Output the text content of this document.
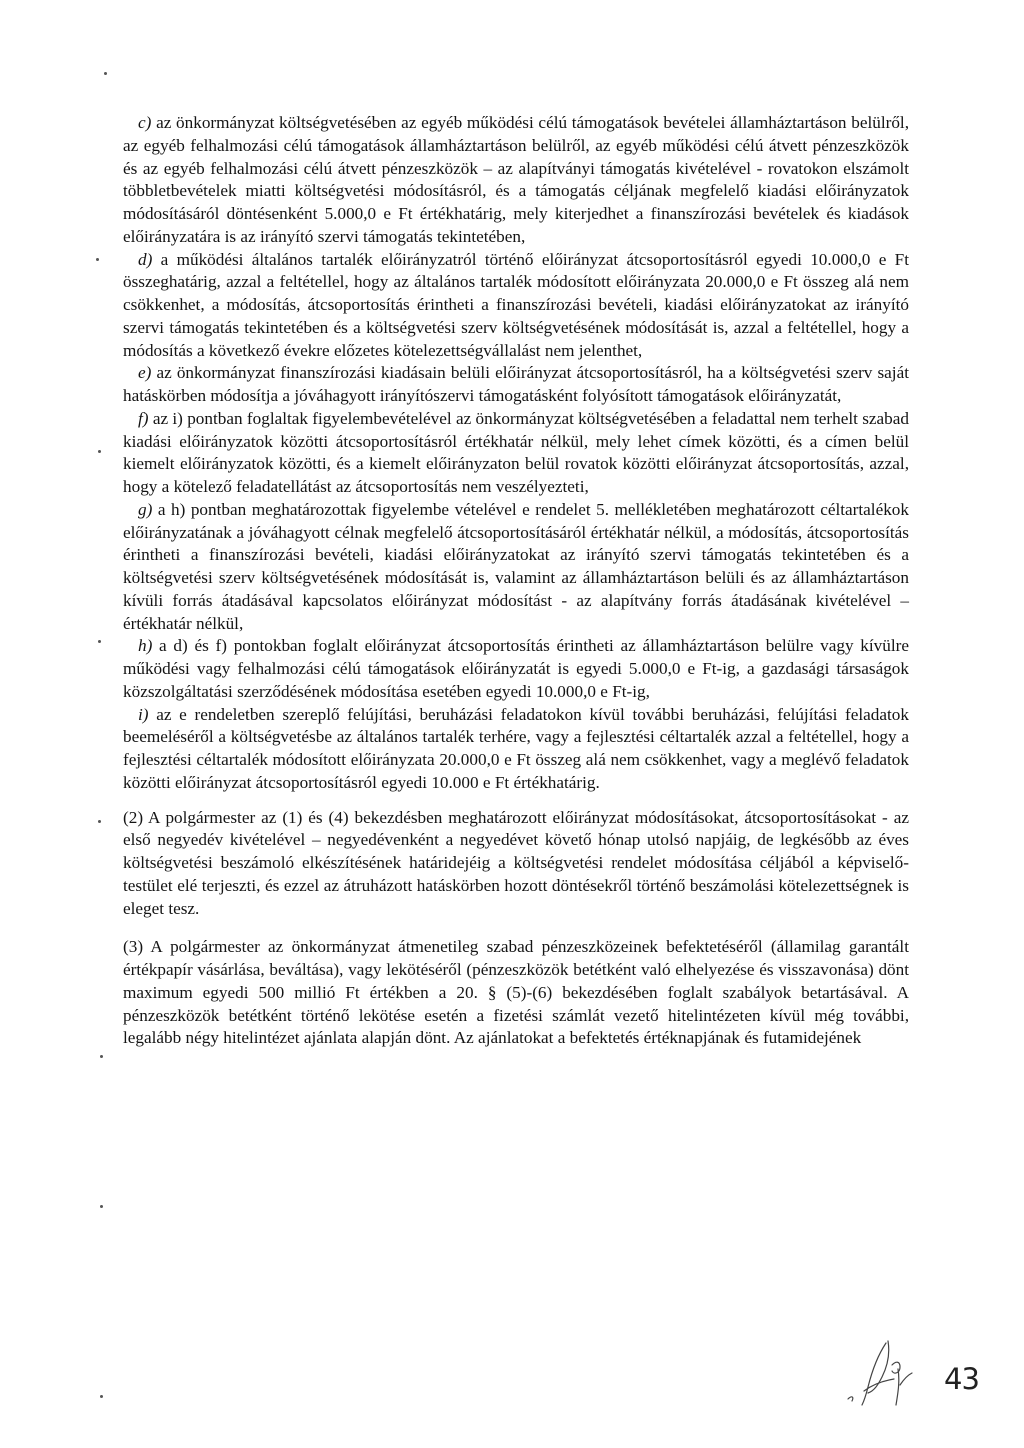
c) az önkormányzat költségvetésében az egyéb működési célú támogatások bevételei államháztartáson belülről, az egyéb felhalmozási célú támogatások államháztartáson belülről, az egyéb működési célú átvett pénzeszközök és az egyéb felhalmozási célú átvett pénzeszközök – az alapítványi támogatás kivételével - rovatokon elszámolt többletbevételek miatti költségvetési módosításról, és a támogatás céljának megfelelő kiadási előirányzatok módosításáról döntésenként 5.000,0 e Ft értékhatárig, mely kiterjedhet a finanszírozási bevételek és kiadások előirányzatára is az irányító szervi támogatás tekintetében,

d) a működési általános tartalék előirányzatról történő előirányzat átcsoportosításról egyedi 10.000,0 e Ft összeghatárig, azzal a feltétellel, hogy az általános tartalék módosított előirányzata 20.000,0 e Ft összeg alá nem csökkenhet, a módosítás, átcsoportosítás érintheti a finanszírozási bevételi, kiadási előirányzatokat az irányító szervi támogatás tekintetében és a költségvetési szerv költségvetésének módosítását is, azzal a feltétellel, hogy a módosítás a következő évekre előzetes kötelezettségvállalást nem jelenthet,

e) az önkormányzat finanszírozási kiadásain belüli előirányzat átcsoportosításról, ha a költségvetési szerv saját hatáskörben módosítja a jóváhagyott irányítószervi támogatásként folyósított támogatások előirányzatát,

f) az i) pontban foglaltak figyelembevételével az önkormányzat költségvetésében a feladattal nem terhelt szabad kiadási előirányzatok közötti átcsoportosításról értékhatár nélkül, mely lehet címek közötti, és a címen belül kiemelt előirányzatok közötti, és a kiemelt előirányzaton belül rovatok közötti előirányzat átcsoportosítás, azzal, hogy a kötelező feladatellátást az átcsoportosítás nem veszélyezteti,

g) a h) pontban meghatározottak figyelembe vételével e rendelet 5. mellékletében meghatározott céltartalékok előirányzatának a jóváhagyott célnak megfelelő átcsoportosításáról értékhatár nélkül, a módosítás, átcsoportosítás érintheti a finanszírozási bevételi, kiadási előirányzatokat az irányító szervi támogatás tekintetében és a költségvetési szerv költségvetésének módosítását is, valamint az államháztartáson belüli és az államháztartáson kívüli forrás átadásával kapcsolatos előirányzat módosítást - az alapítvány forrás átadásának kivételével – értékhatár nélkül,

h) a d) és f) pontokban foglalt előirányzat átcsoportosítás érintheti az államháztartáson belülre vagy kívülre működési vagy felhalmozási célú támogatások előirányzatát is egyedi 5.000,0 e Ft-ig, a gazdasági társaságok közszolgáltatási szerződésének módosítása esetében egyedi 10.000,0 e Ft-ig,

i) az e rendeletben szereplő felújítási, beruházási feladatokon kívül további beruházási, felújítási feladatok beemeléséről a költségvetésbe az általános tartalék terhére, vagy a fejlesztési céltartalék azzal a feltétellel, hogy a fejlesztési céltartalék módosított előirányzata 20.000,0 e Ft összeg alá nem csökkenhet, vagy a meglévő feladatok közötti előirányzat átcsoportosításról egyedi 10.000 e Ft értékhatárig.

(2) A polgármester az (1) és (4) bekezdésben meghatározott előirányzat módosításokat, átcsoportosításokat - az első negyedév kivételével – negyedévenként a negyedévet követő hónap utolsó napjáig, de legkésőbb az éves költségvetési beszámoló elkészítésének határidejéig a költségvetési rendelet módosítása céljából a képviselő-testület elé terjeszti, és ezzel az átruházott hatáskörben hozott döntésekről történő beszámolási kötelezettségnek is eleget tesz.

(3) A polgármester az önkormányzat átmenetileg szabad pénzeszközeinek befektetéséről (államilag garantált értékpapír vásárlása, beváltása), vagy lekötéséről (pénzeszközök betétként való elhelyezése és visszavonása) dönt maximum egyedi 500 millió Ft értékben a 20. § (5)-(6) bekezdésében foglalt szabályok betartásával. A pénzeszközök betétként történő lekötése esetén a fizetési számlát vezető hitelintézeten kívül még további, legalább négy hitelintézet ajánlata alapján dönt. Az ajánlatokat a befektetés értéknapjának és futamidejének

43
